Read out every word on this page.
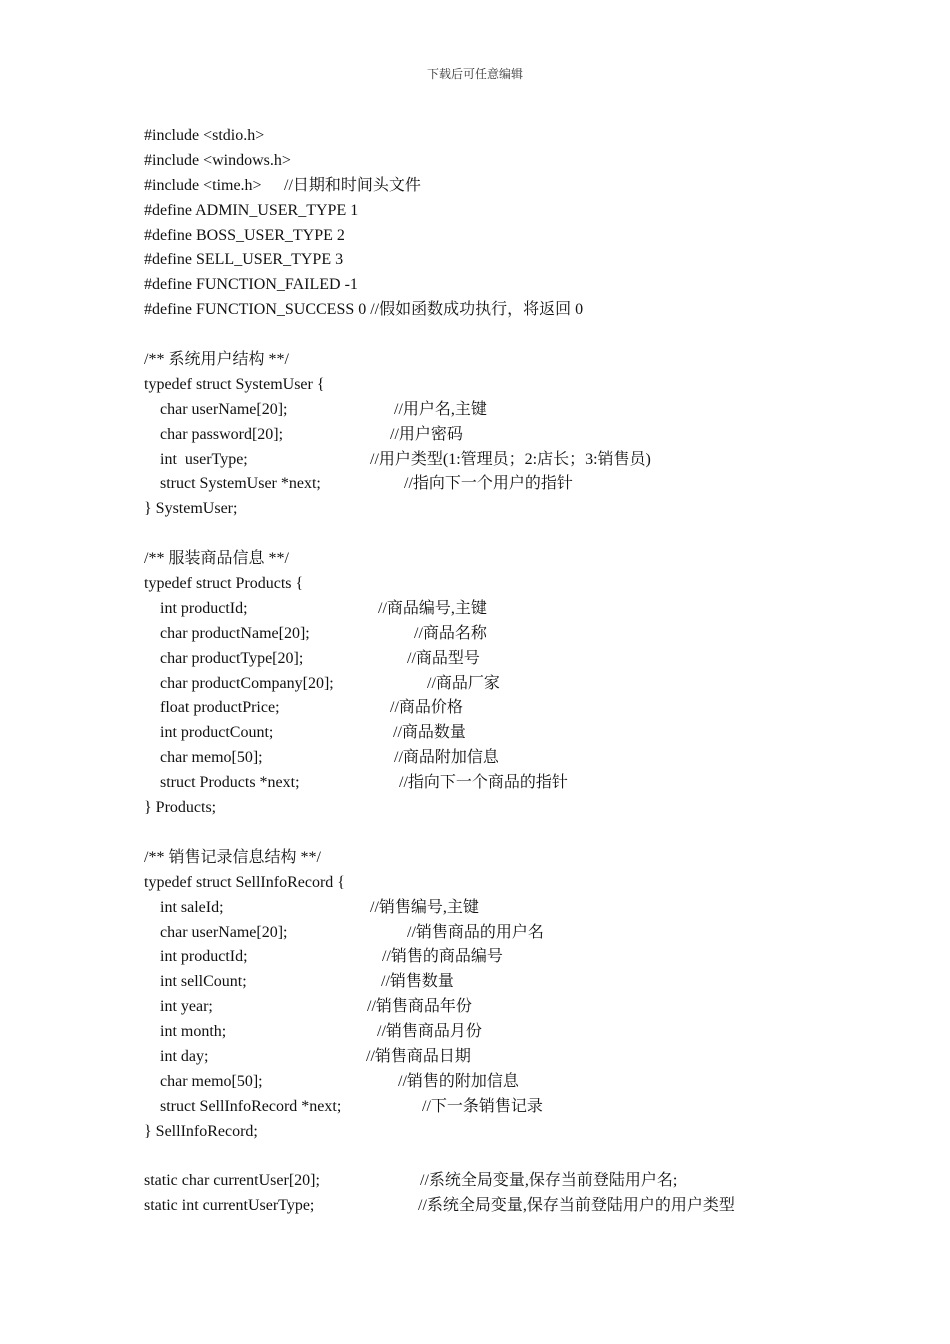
下载后可任意编辑
#include <stdio.h>
#include <windows.h>
#include <time.h> //日期和时间头文件
#define ADMIN_USER_TYPE 1
#define BOSS_USER_TYPE 2
#define SELL_USER_TYPE 3
#define FUNCTION_FAILED -1
#define FUNCTION_SUCCESS 0 //假如函数成功执行，将返回 0
/** 系统用户结构 **/
typedef struct SystemUser {
char userName[20];	//用户名,主键
char password[20];	//用户密码
int  userType;	//用户类型(1:管理员；2:店长；3:销售员)
struct SystemUser *next;	//指向下一个用户的指针
} SystemUser;
/** 服装商品信息 **/
typedef struct Products {
int productId;	//商品编号,主键
char productName[20];	//商品名称
char productType[20];	//商品型号
char productCompany[20];	//商品厂家
float productPrice;	//商品价格
int productCount;	//商品数量
char memo[50];	//商品附加信息
struct Products *next;	//指向下一个商品的指针
} Products;
/** 销售记录信息结构 **/
typedef struct SellInfoRecord {
int saleId;	//销售编号,主键
char userName[20];	//销售商品的用户名
int productId;	//销售的商品编号
int sellCount;	//销售数量
int year;	//销售商品年份
int month;	//销售商品月份
int day;	//销售商品日期
char memo[50];	//销售的附加信息
struct SellInfoRecord *next;	//下一条销售记录
} SellInfoRecord;
static char currentUser[20];	//系统全局变量,保存当前登陆用户名;
static int currentUserType;	//系统全局变量,保存当前登陆用户的用户类型
